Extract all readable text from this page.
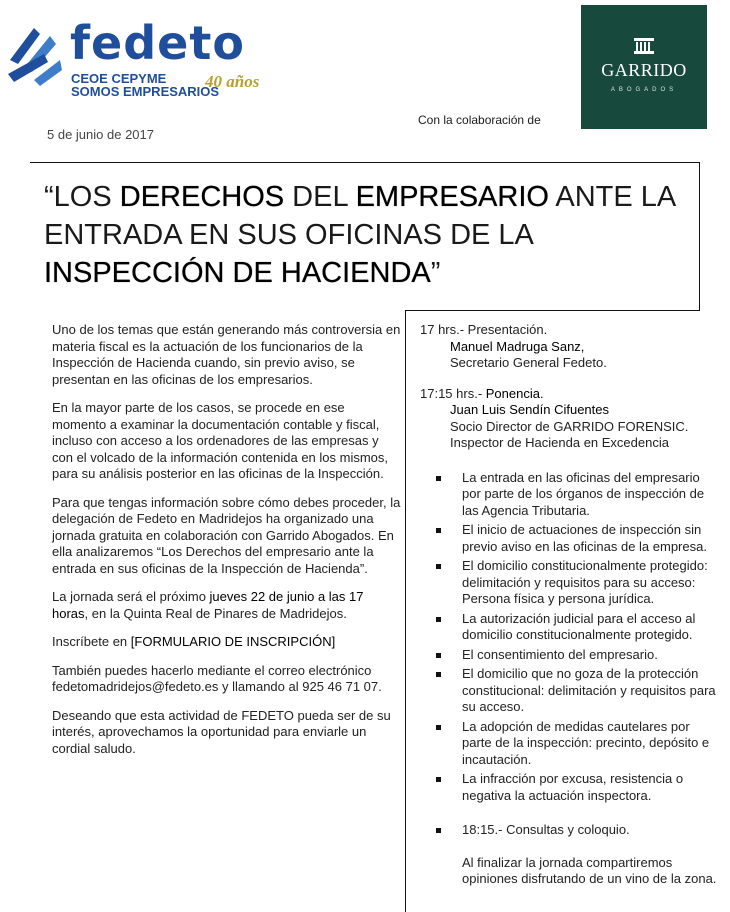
fedeto
CEOE CEPYME
SOMOS EMPRESARIOS
40 años
GARRIDO
ABOGADOS
Con la colaboración de
5 de junio de 2017
“LOS DERECHOS DEL EMPRESARIO ANTE LA ENTRADA EN SUS OFICINAS DE LA INSPECCIÓN DE HACIENDA”

Uno de los temas que están generando más controversia en materia fiscal es la actuación de los funcionarios de la Inspección de Hacienda cuando, sin previo aviso, se presentan en las oficinas de los empresarios.

En la mayor parte de los casos, se procede en ese momento a examinar la documentación contable y fiscal, incluso con acceso a los ordenadores de las empresas y con el volcado de la información contenida en los mismos, para su análisis posterior en las oficinas de la Inspección.

Para que tengas información sobre cómo debes proceder, la delegación de Fedeto en Madridejos ha organizado una jornada gratuita en colaboración con Garrido Abogados. En ella analizaremos “Los Derechos del empresario ante la entrada en sus oficinas de la Inspección de Hacienda”.

La jornada será el próximo jueves 22 de junio a las 17 horas, en la Quinta Real de Pinares de Madridejos.

Inscríbete en [FORMULARIO DE INSCRIPCIÓN]

También puedes hacerlo mediante el correo electrónico fedetomadridejos@fedeto.es y llamando al 925 46 71 07.

Deseando que esta actividad de FEDETO pueda ser de su interés, aprovechamos la oportunidad para enviarle un cordial saludo.

17 hrs.- Presentación.
Manuel Madruga Sanz,
Secretario General Fedeto.
17:15 hrs.- Ponencia.
Juan Luis Sendín Cifuentes
Socio Director de GARRIDO FORENSIC.
Inspector de Hacienda en Excedencia
La entrada en las oficinas del empresario por parte de los órganos de inspección de las Agencia Tributaria.
El inicio de actuaciones de inspección sin previo aviso en las oficinas de la empresa.
El domicilio constitucionalmente protegido: delimitación y requisitos para su acceso: Persona física y persona jurídica.
La autorización judicial para el acceso al domicilio constitucionalmente protegido.
El consentimiento del empresario.
El domicilio que no goza de la protección constitucional: delimitación y requisitos para su acceso.
La adopción de medidas cautelares por parte de la inspección: precinto, depósito e incautación.
La infracción por excusa, resistencia o negativa la actuación inspectora.
18:15.- Consultas y coloquio.
Al finalizar la jornada compartiremos opiniones disfrutando de un vino de la zona.
